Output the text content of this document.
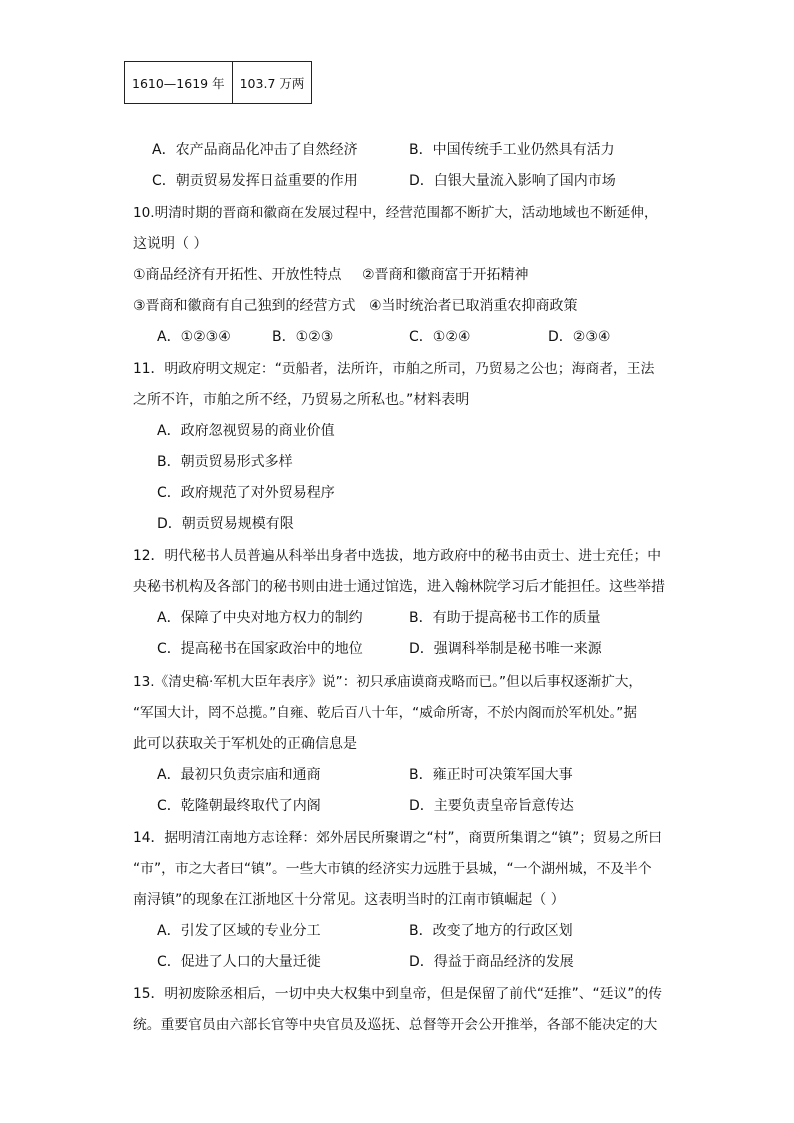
1610—1619 年	103.7 万两
A．农产品商品化冲击了自然经济	B．中国传统手工业仍然具有活力
C．朝贡贸易发挥日益重要的作用	D．白银大量流入影响了国内市场
10.明清时期的晋商和徽商在发展过程中，经营范围都不断扩大，活动地域也不断延伸，
这说明（ ）
①商品经济有开拓性、开放性特点 ②晋商和徽商富于开拓精神
③晋商和徽商有自己独到的经营方式 ④当时统治者已取消重农抑商政策
A．①②③④	B．①②③	C．①②④	D．②③④
11．明政府明文规定：“贡船者，法所许，市舶之所司，乃贸易之公也；海商者，王法
之所不许，市舶之所不经，乃贸易之所私也。”材料表明
A．政府忽视贸易的商业价值
B．朝贡贸易形式多样
C．政府规范了对外贸易程序
D．朝贡贸易规模有限
12．明代秘书人员普遍从科举出身者中选拔，地方政府中的秘书由贡士、进士充任；中
央秘书机构及各部门的秘书则由进士通过馆选，进入翰林院学习后才能担任。这些举措
A．保障了中央对地方权力的制约	B．有助于提高秘书工作的质量
C．提高秘书在国家政治中的地位	D．强调科举制是秘书唯一来源
13.《清史稿·军机大臣年表序》说”：初只承庙谟商戎略而已。”但以后事权逐渐扩大，
“军国大计，罔不总揽。”自雍、乾后百八十年，“威命所寄，不於内阁而於军机处。”据
此可以获取关于军机处的正确信息是
A．最初只负责宗庙和通商	B．雍正时可决策军国大事
C．乾隆朝最终取代了内阁	D．主要负责皇帝旨意传达
14．据明清江南地方志诠释：郊外居民所聚谓之“村”，商贾所集谓之“镇”；贸易之所曰
“市”，市之大者曰“镇”。一些大市镇的经济实力远胜于县城，“一个湖州城，不及半个
南浔镇”的现象在江浙地区十分常见。这表明当时的江南市镇崛起（ ）
A．引发了区域的专业分工	B．改变了地方的行政区划
C．促进了人口的大量迁徙	D．得益于商品经济的发展
15．明初废除丞相后，一切中央大权集中到皇帝，但是保留了前代“廷推”、“廷议”的传
统。重要官员由六部长官等中央官员及巡抚、总督等开会公开推举，各部不能决定的大
